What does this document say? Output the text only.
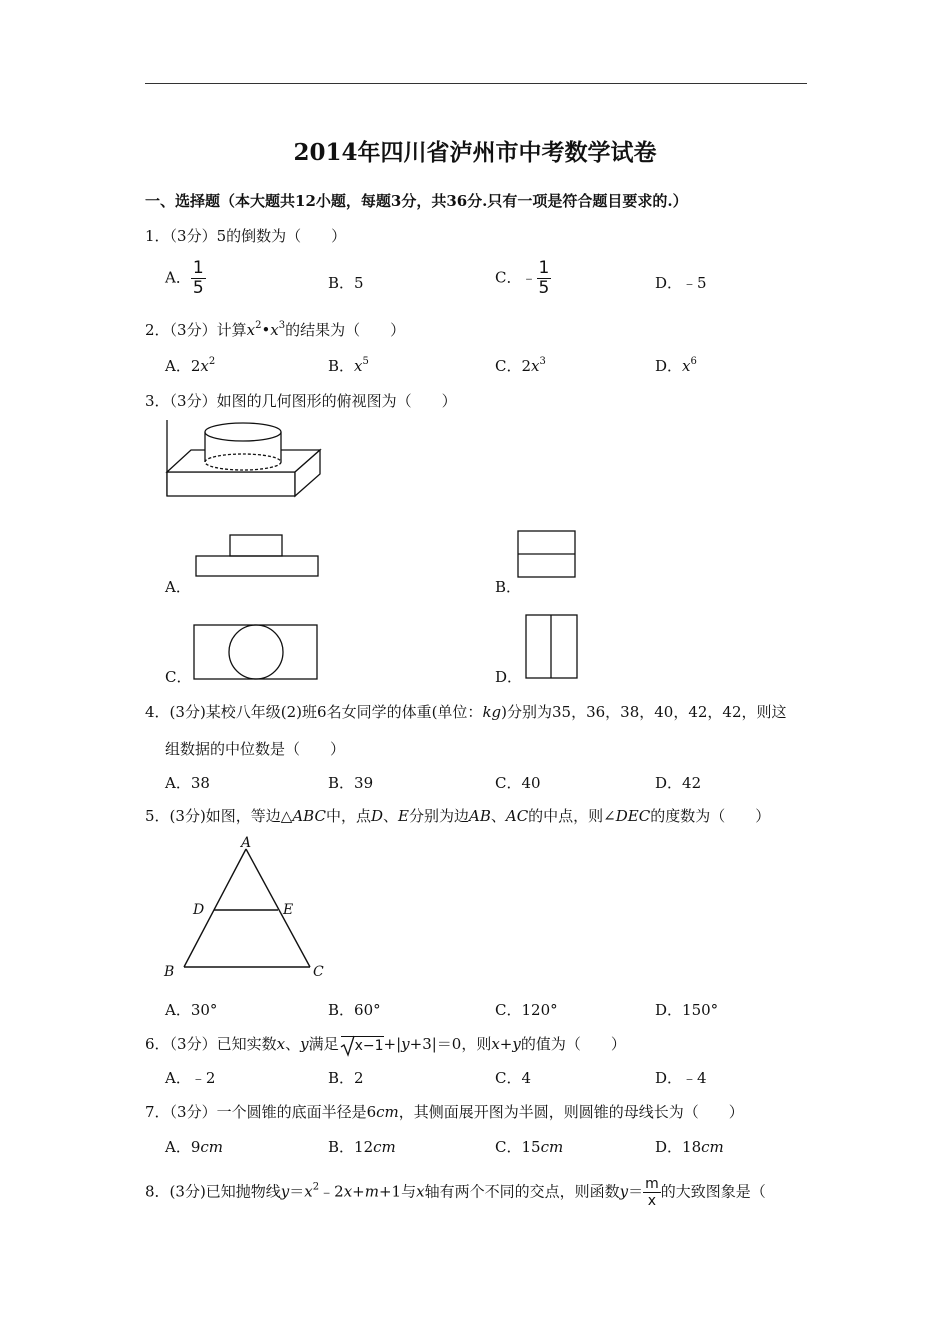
2014年四川省泸州市中考数学试卷
一、选择题（本大题共12小题，每题3分，共36分.只有一项是符合题目要求的.）
1．（3分）5的倒数为（　　）
A． $\frac{1}{5}$	B．5	C．﹣ $\frac{1}{5}$	D．﹣5
2．（3分）计算$x^2•x^3$的结果为（　　）
A．$2x^2$	B．$x^5$	C．$2x^3$	D．$x^6$
3．（3分）如图的几何图形的俯视图为（　　）
A．	B．
C．	D．
4．(3分)某校八年级(2)班6名女同学的体重(单位：kg)分别为35，36，38，40，42，42，则这
组数据的中位数是（　　）
A．38	B．39	C．40	D．42
5．(3分)如图，等边△ABC中，点D、E分别为边AB、AC的中点，则∠DEC的度数为（　　）
A
B	C
D	E
A．30°	B．60°	C．120°	D．150°
6．（3分）已知实数x、y满足 x−1+|y+3|＝0，则x+y的值为（　　）
A．﹣2	B．2	C．4	D．﹣4
7．（3分）一个圆锥的底面半径是6cm，其侧面展开图为半圆，则圆锥的母线长为（　　）
A．9cm	B．12cm	C．15cm	D．18cm
8．(3分)已知抛物线$y=x^2﹣2x+m+1$与x轴有两个不同的交点，则函数$y= \frac{m}{x}$ 的大致图象是（
